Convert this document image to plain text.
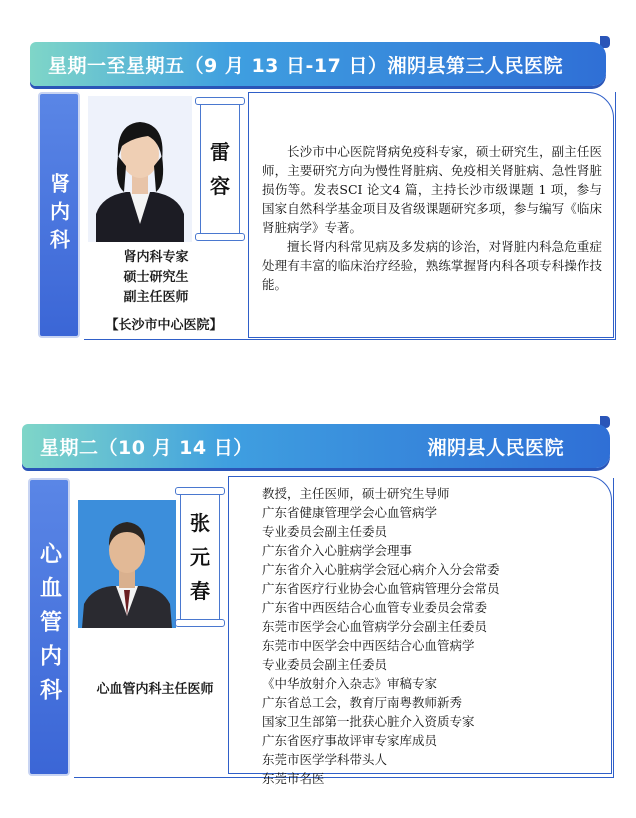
星期一至星期五（9 月 13 日-17 日）湘阴县第三人民医院
肾内科
雷
容
肾内科专家
硕士研究生
副主任医师
【长沙市中心医院】

长沙市中心医院肾病免疫科专家，硕士研究生，副主任医师，主要研究方向为慢性肾脏病、免疫相关肾脏病、急性肾脏损伤等。发表SCI 论文4 篇，主持长沙市级课题 1 项，参与国家自然科学基金项目及省级课题研究多项，参与编写《临床肾脏病学》专著。

擅长肾内科常见病及多发病的诊治，对肾脏内科急危重症处理有丰富的临床治疗经验，熟练掌握肾内科各项专科操作技能。

星期二（10 月 14 日）	湘阴县人民医院
心血管内科
张
元
春
心血管内科主任医师
教授，主任医师，硕士研究生导师
广东省健康管理学会心血管病学
专业委员会副主任委员
广东省介入心脏病学会理事
广东省介入心脏病学会冠心病介入分会常委
广东省医疗行业协会心血管病管理分会常员
广东省中西医结合心血管专业委员会常委
东莞市医学会心血管病学分会副主任委员
东莞市中医学会中西医结合心血管病学
专业委员会副主任委员
《中华放射介入杂志》审稿专家
广东省总工会，教育厅南粤教师新秀
国家卫生部第一批获心脏介入资质专家
广东省医疗事故评审专家库成员
东莞市医学学科带头人
东莞市名医
